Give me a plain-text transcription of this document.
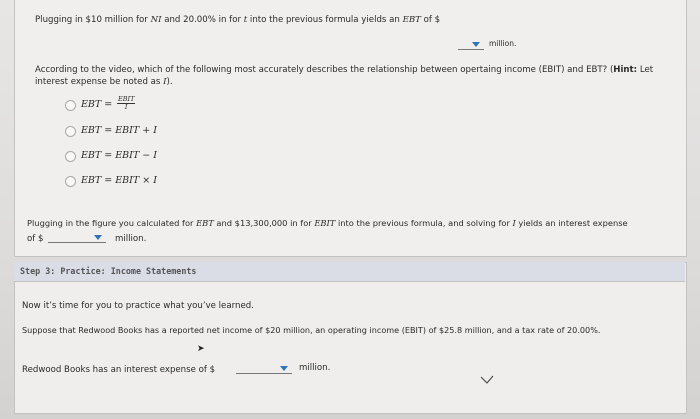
Plugging in $10 million for NI and 20.00% in for t into the previous formula yields an EBT of $
million.
According to the video, which of the following most accurately describes the relationship between opertaing income (EBIT) and EBT? (Hint: Let
interest expense be noted as I).
EBT = EBIT
I
EBT = EBIT + I
EBT = EBIT − I
EBT = EBIT × I
Plugging in the figure you calculated for EBT and $13,300,000 in for EBIT into the previous formula, and solving for I yields an interest expense
of $	million.
Step 3: Practice: Income Statements
Now it’s time for you to practice what you’ve learned.
Suppose that Redwood Books has a reported net income of $20 million, an operating income (EBIT) of $25.8 million, and a tax rate of 20.00%.
➤
Redwood Books has an interest expense of $	million.
